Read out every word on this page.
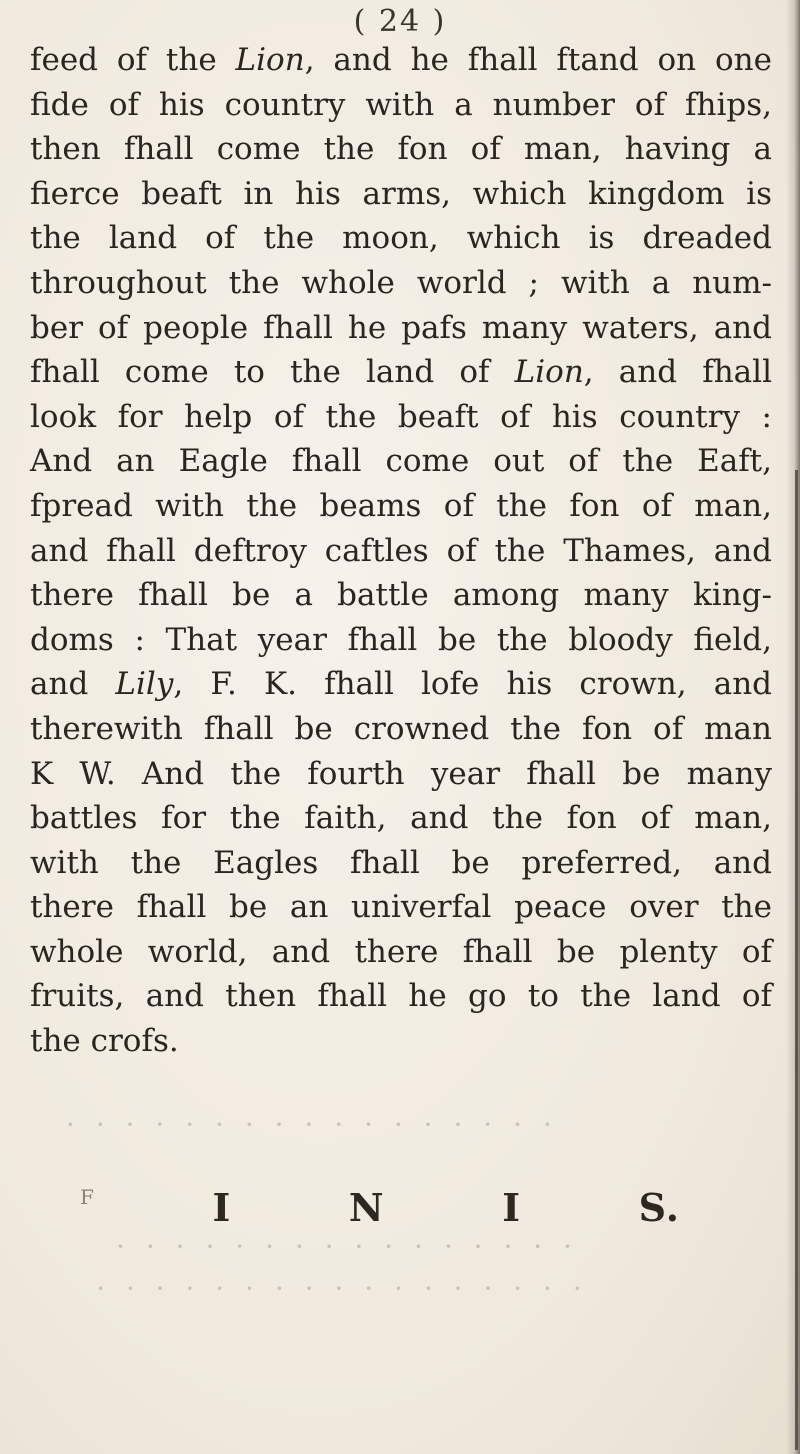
( 24 )
feed of the Lion, and he fhall ftand on one
fide of his country with a number of fhips,
then fhall come the fon of man, having a
fierce beaft in his arms, which kingdom is
the land of the moon, which is dreaded
throughout the whole world ; with a num-
ber of people fhall he pafs many waters, and
fhall come to the land of Lion, and fhall
look for help of the beaft of his country :
And an Eagle fhall come out of the Eaft,
fpread with the beams of the fon of man,
and fhall deftroy caftles of the Thames, and
there fhall be a battle among many king-
doms : That year fhall be the bloody field,
and Lily, F. K. fhall lofe his crown, and
therewith fhall be crowned the fon of man
K W. And the fourth year fhall be many
battles for the faith, and the fon of man,
with the Eagles fhall be preferred, and
there fhall be an univerfal peace over the
whole world, and there fhall be plenty of
fruits, and then fhall he go to the land of
the crofs.
· · · · · · · · · · · · · · · · ·
· · · · · · · · · · · · · · · ·
· · · · · · · · · · · · · · · · ·
F	I	N	I	S.
